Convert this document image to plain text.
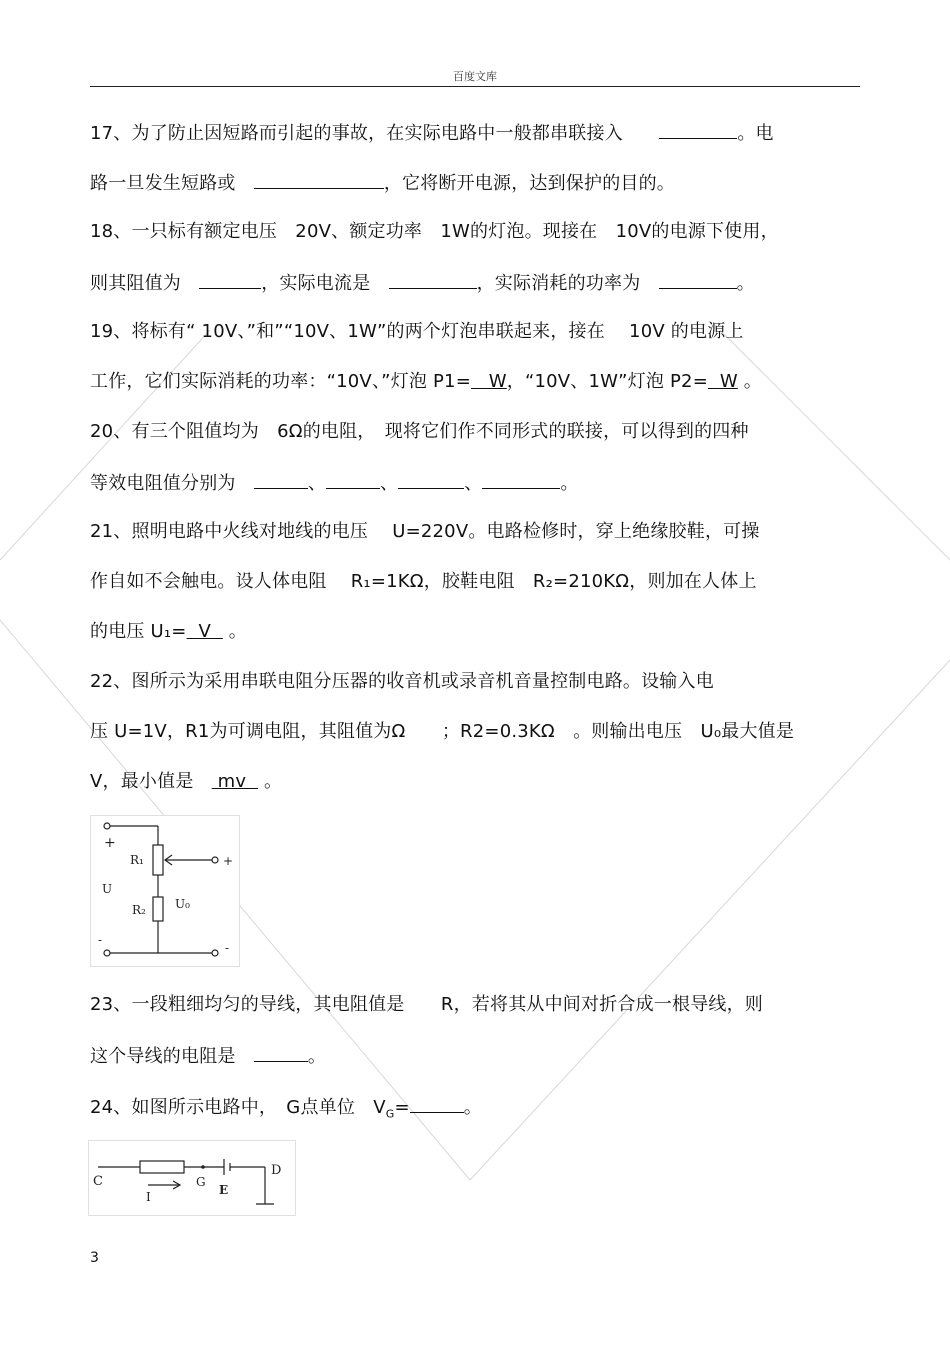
百度文库
17、为了防止因短路而引起的事故，在实际电路中一般都串联接入　　	。电
路一旦发生短路或　	，它将断开电源，达到保护的目的。
18、一只标有额定电压　20V、额定功率　1W的灯泡。现接在　10V的电源下使用，
则其阻值为　	，实际电流是　	，实际消耗的功率为　	。
19、将标有“ 10V、”和”“10V、1W”的两个灯泡串联起来，接在　 10V 的电源上
工作，它们实际消耗的功率：“10V、”灯泡 P1=   W，“10V、1W”灯泡 P2=  W 。
20、有三个阻值均为　6Ω的电阻，　现将它们作不同形式的联接，可以得到的四种
等效电阻值分别为　	、	、	、	。
21、照明电路中火线对地线的电压　 U=220V。电路检修时，穿上绝缘胶鞋，可操
作自如不会触电。设人体电阻　 R₁=1KΩ，胶鞋电阻　R₂=210KΩ，则加在人体上
的电压 U₁=  V   。
22、图所示为采用串联电阻分压器的收音机或录音机音量控制电路。设输入电
压 U=1V，R1为可调电阻，其阻值为Ω　　；R2=0.3KΩ　。则输出电压　U₀最大值是
V，最小值是　 mv   。
23、一段粗细均匀的导线，其电阻值是　　R，若将其从中间对折合成一根导线，则
这个导线的电阻是　	。
24、如图所示电路中，　G点单位　$V_G=$	。
+
R₁	+
U
R₂ U₀
-
-
C
I
G
E
D
3
